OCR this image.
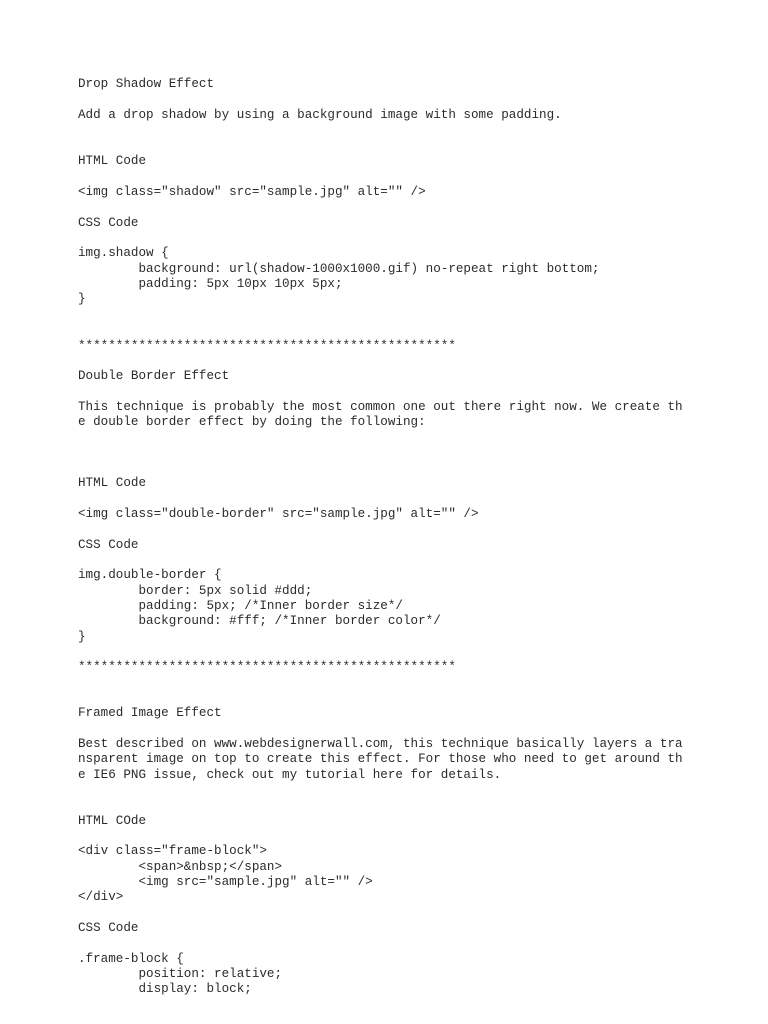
Drop Shadow Effect

Add a drop shadow by using a background image with some padding.

HTML Code

<img class="shadow" src="sample.jpg" alt="" />

CSS Code

img.shadow {

background: url(shadow-1000x1000.gif) no-repeat right bottom;

padding: 5px 10px 10px 5px;

}

**************************************************

Double Border Effect

This technique is probably the most common one out there right now. We create th

e double border effect by doing the following:

HTML Code

<img class="double-border" src="sample.jpg" alt="" />

CSS Code

img.double-border {

border: 5px solid #ddd;

padding: 5px; /*Inner border size*/

background: #fff; /*Inner border color*/

}

**************************************************

Framed Image Effect

Best described on www.webdesignerwall.com, this technique basically layers a tra

nsparent image on top to create this effect. For those who need to get around th

e IE6 PNG issue, check out my tutorial here for details.

HTML COde

<div class="frame-block">

<span>&nbsp;</span>

<img src="sample.jpg" alt="" />

</div>

CSS Code

.frame-block {

position: relative;

display: block;
